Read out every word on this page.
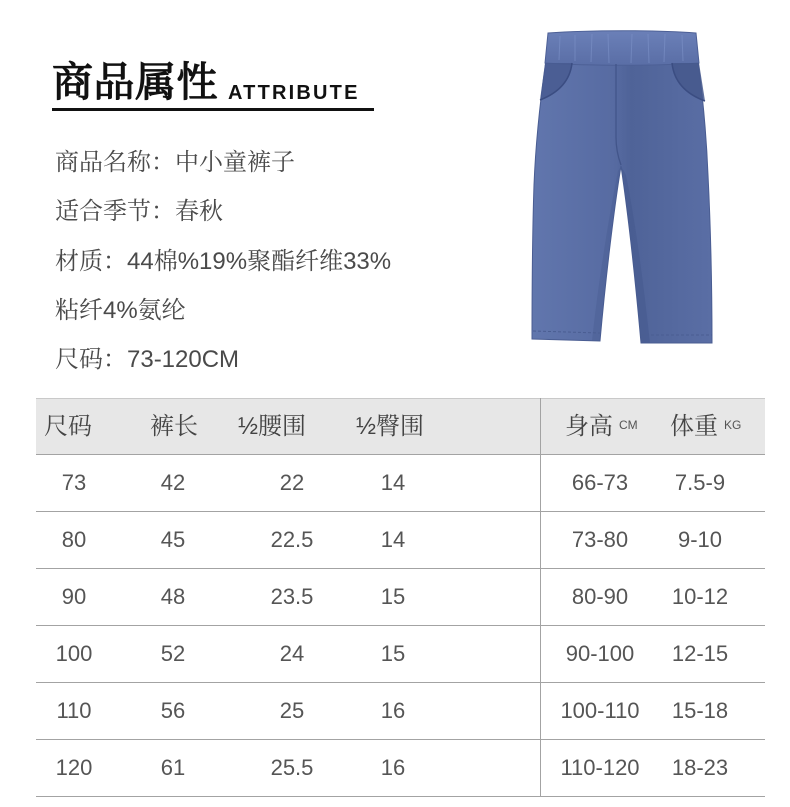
商品属性 ATTRIBUTE
商品名称：中小童裤子
适合季节：春秋
材质：44棉%19%聚酯纤维33%
粘纤4%氨纶
尺码：73-120CM
尺码 裤长 ½腰围 ½臀围	身高 CM 体重 KG
73	42	22	14	66-73	7.5-9
80	45	22.5	14	73-80	9-10
90	48	23.5	15	80-90	10-12
100	52	24	15	90-100	12-15
110	56	25	16	100-110	15-18
120	61	25.5	16	110-120	18-23
